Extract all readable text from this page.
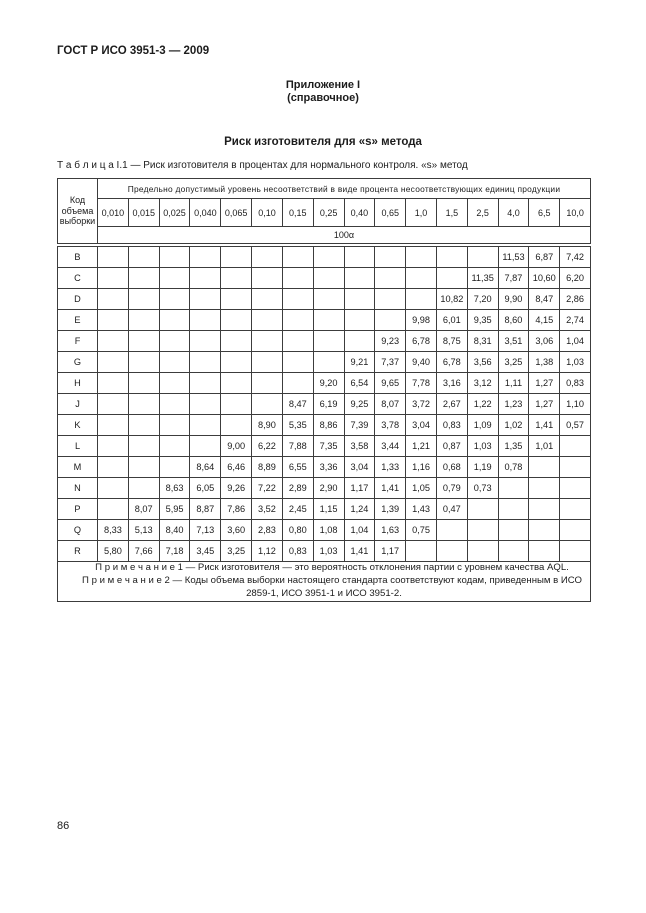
ГОСТ Р ИСО 3951-3 — 2009
Приложение I
(справочное)
Риск изготовителя для «s» метода
Т а б л и ц а I.1 — Риск изготовителя в процентах для нормального контроля. «s» метод
Код объема выборки	Предельно допустимый уровень несоответствий в виде процента несоответствующих единиц продукции															
	0,010	0,015	0,025	0,040	0,065	0,10	0,15	0,25	0,40	0,65	1,0	1,5	2,5	4,0	6,5	10,0
	100α															
B														11,53	6,87	7,42
C													11,35	7,87	10,60	6,20
D												10,82	7,20	9,90	8,47	2,86
E											9,98	6,01	9,35	8,60	4,15	2,74
F										9,23	6,78	8,75	8,31	3,51	3,06	1,04
G									9,21	7,37	9,40	6,78	3,56	3,25	1,38	1,03
H								9,20	6,54	9,65	7,78	3,16	3,12	1,11	1,27	0,83
J							8,47	6,19	9,25	8,07	3,72	2,67	1,22	1,23	1,27	1,10
K						8,90	5,35	8,86	7,39	3,78	3,04	0,83	1,09	1,02	1,41	0,57
L					9,00	6,22	7,88	7,35	3,58	3,44	1,21	0,87	1,03	1,35	1,01	
M				8,64	6,46	8,89	6,55	3,36	3,04	1,33	1,16	0,68	1,19	0,78		
N			8,63	6,05	9,26	7,22	2,89	2,90	1,17	1,41	1,05	0,79	0,73			
P		8,07	5,95	8,87	7,86	3,52	2,45	1,15	1,24	1,39	1,43	0,47				
Q	8,33	5,13	8,40	7,13	3,60	2,83	0,80	1,08	1,04	1,63	0,75					
R	5,80	7,66	7,18	3,45	3,25	1,12	0,83	1,03	1,41	1,17						

П р и м е ч а н и е 1 — Риск изготовителя — это вероятность отклонения партии с уровнем качества AQL.

П р и м е ч а н и е 2 — Коды объема выборки настоящего стандарта соответствуют кодам, приведенным в ИСО 2859-1, ИСО 3951-1 и ИСО 3951-2.																

86
